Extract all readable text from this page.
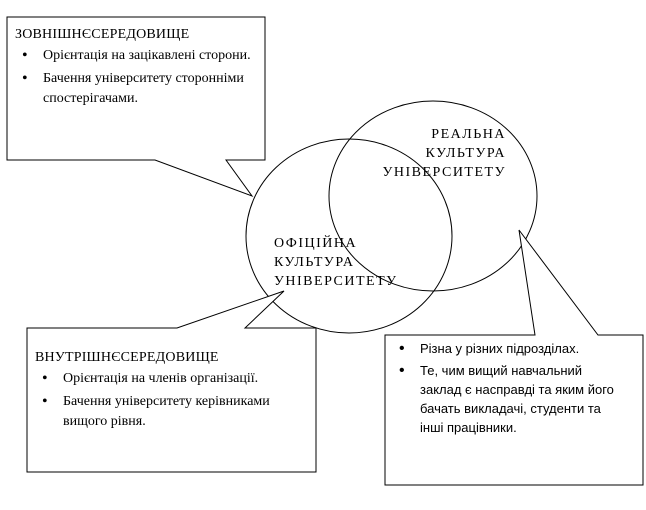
ЗОВНІШНЄСЕРЕДОВИЩЕ
• Орієнтація на зацікавлені сторони.
• Бачення університету сторонніми спостерігачами.
РЕАЛЬНА
КУЛЬТУРА
УНІВЕРСИТЕТУ
ОФІЦІЙНА
КУЛЬТУРА
УНІВЕРСИТЕТУ
ВНУТРІШНЄСЕРЕДОВИЩЕ
• Орієнтація на членів організації.
• Бачення університету керівниками вищого рівня.
• Різна у різних підрозділах.
• Те, чим вищий навчальний заклад є насправді та яким його бачать викладачі, студенти та інші працівники.
